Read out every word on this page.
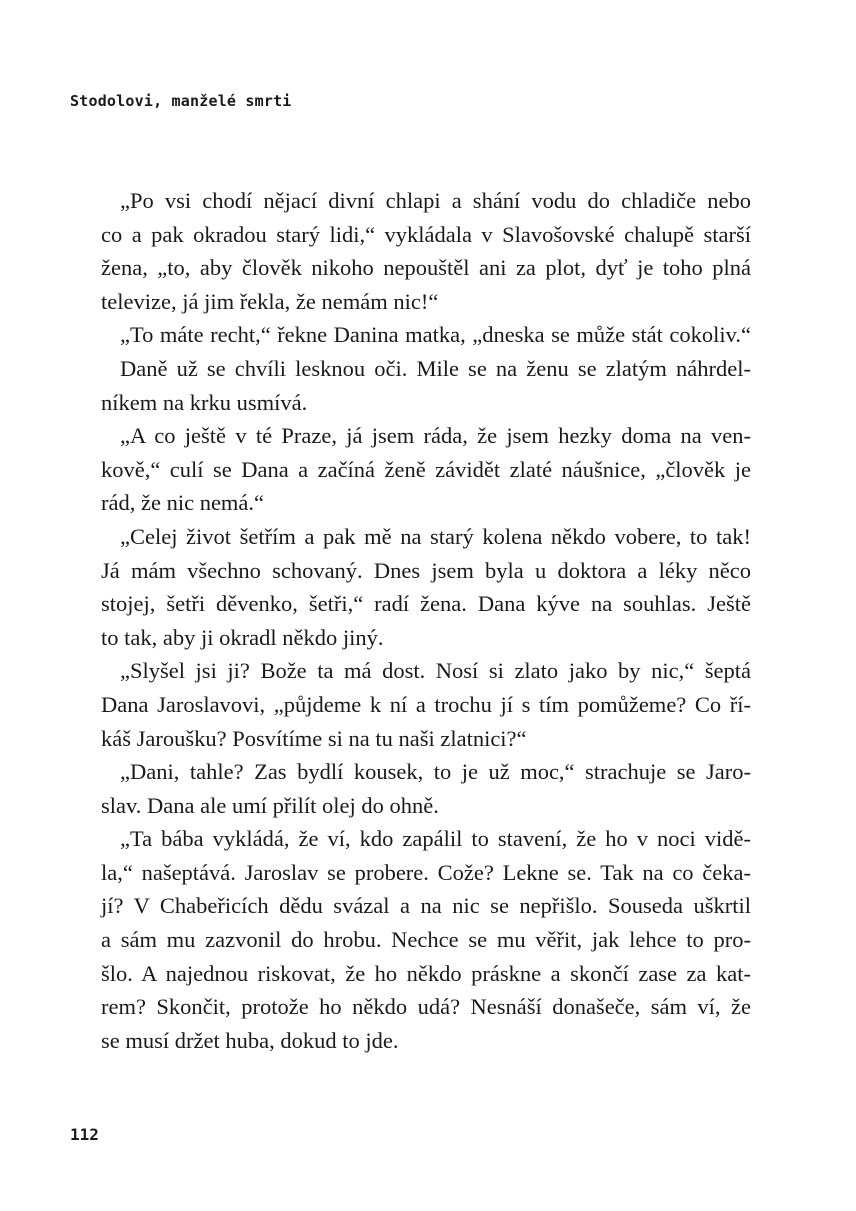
Stodolovi, manželé smrti
„Po vsi chodí nějací divní chlapi a shání vodu do chladiče nebo
co a pak okradou starý lidi,“ vykládala v Slavošovské chalupě starší
žena, „to, aby člověk nikoho nepouštěl ani za plot, dyť je toho plná
televize, já jim řekla, že nemám nic!“
„To máte recht,“ řekne Danina matka, „dneska se může stát cokoliv.“
Daně už se chvíli lesknou oči. Mile se na ženu se zlatým náhrdel-
níkem na krku usmívá.
„A co ještě v té Praze, já jsem ráda, že jsem hezky doma na ven-
kově,“ culí se Dana a začíná ženě závidět zlaté náušnice, „člověk je
rád, že nic nemá.“
„Celej život šetřím a pak mě na starý kolena někdo vobere, to tak!
Já mám všechno schovaný. Dnes jsem byla u doktora a léky něco
stojej, šetři děvenko, šetři,“ radí žena. Dana kýve na souhlas. Ještě
to tak, aby ji okradl někdo jiný.
„Slyšel jsi ji? Bože ta má dost. Nosí si zlato jako by nic,“ šeptá
Dana Jaroslavovi, „půjdeme k ní a trochu jí s tím pomůžeme? Co ří-
káš Jaroušku? Posvítíme si na tu naši zlatnici?“
„Dani, tahle? Zas bydlí kousek, to je už moc,“ strachuje se Jaro-
slav. Dana ale umí přilít olej do ohně.
„Ta bába vykládá, že ví, kdo zapálil to stavení, že ho v noci vidě-
la,“ našeptává. Jaroslav se probere. Cože? Lekne se. Tak na co čeka-
jí? V Chabeřicích dědu svázal a na nic se nepřišlo. Souseda uškrtil
a sám mu zazvonil do hrobu. Nechce se mu věřit, jak lehce to pro-
šlo. A najednou riskovat, že ho někdo práskne a skončí zase za kat-
rem? Skončit, protože ho někdo udá? Nesnáší donašeče, sám ví, že
se musí držet huba, dokud to jde.
112
